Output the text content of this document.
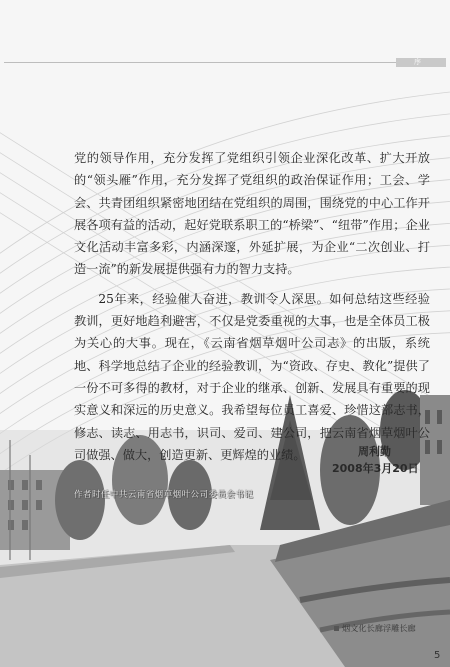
序

党的领导作用，充分发挥了党组织引领企业深化改革、扩大开放的“领头雁”作用，充分发挥了党组织的政治保证作用；工会、学会、共青团组织紧密地团结在党组织的周围，围绕党的中心工作开展各项有益的活动，起好党联系职工的“桥梁”、“纽带”作用；企业文化活动丰富多彩，内涵深邃，外延扩展，为企业“二次创业、打造一流”的新发展提供强有力的智力支持。

25年来，经验催人奋进，教训令人深思。如何总结这些经验教训，更好地趋利避害，不仅是党委重视的大事，也是全体员工极为关心的大事。现在，《云南省烟草烟叶公司志》的出版，系统地、科学地总结了企业的经验教训，为“资政、存史、教化”提供了一份不可多得的教材，对于企业的继承、创新、发展具有重要的现实意义和深远的历史意义。我希望每位员工喜爱、珍惜这部志书，修志、读志、用志书，识司、爱司、建公司，把云南省烟草烟叶公司做强、做大，创造更新、更辉煌的业绩。	周利勤
2008年3月20日
作者时任中共云南省烟草烟叶公司委员会书记
烟文化长廊浮雕长廊
5
